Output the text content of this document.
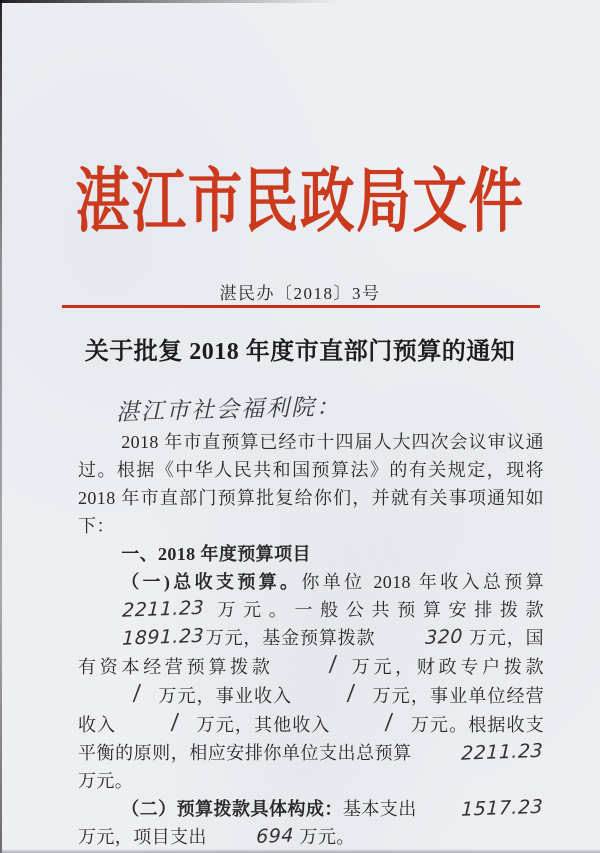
湛江市民政局文件
湛民办〔2018〕3号
关于批复 2018 年度市直部门预算的通知
湛江市社会福利院：

2018 年市直预算已经市十四届人大四次会议审议通过。根据《中华人民共和国预算法》的有关规定，现将 2018 年市直部门预算批复给你们，并就有关事项通知如下：

一、2018 年度预算项目

（一)总收支预算。你单位 2018 年收入总预算2211.23 万元。一般公共预算安排拨款1891.23万元，基金预算拨款 320 万元，国有资本经营预算拨款	/ 万元，财政专户拨款/ 万元，事业收入	/ 万元，事业单位经营收入	/ 万元，其他收入	/ 万元。根据收支平衡的原则，相应安排你单位支出总预算 2211.23 万元。

（二）预算拨款具体构成：基本支出 1517.23万元，项目支出 694 万元。
